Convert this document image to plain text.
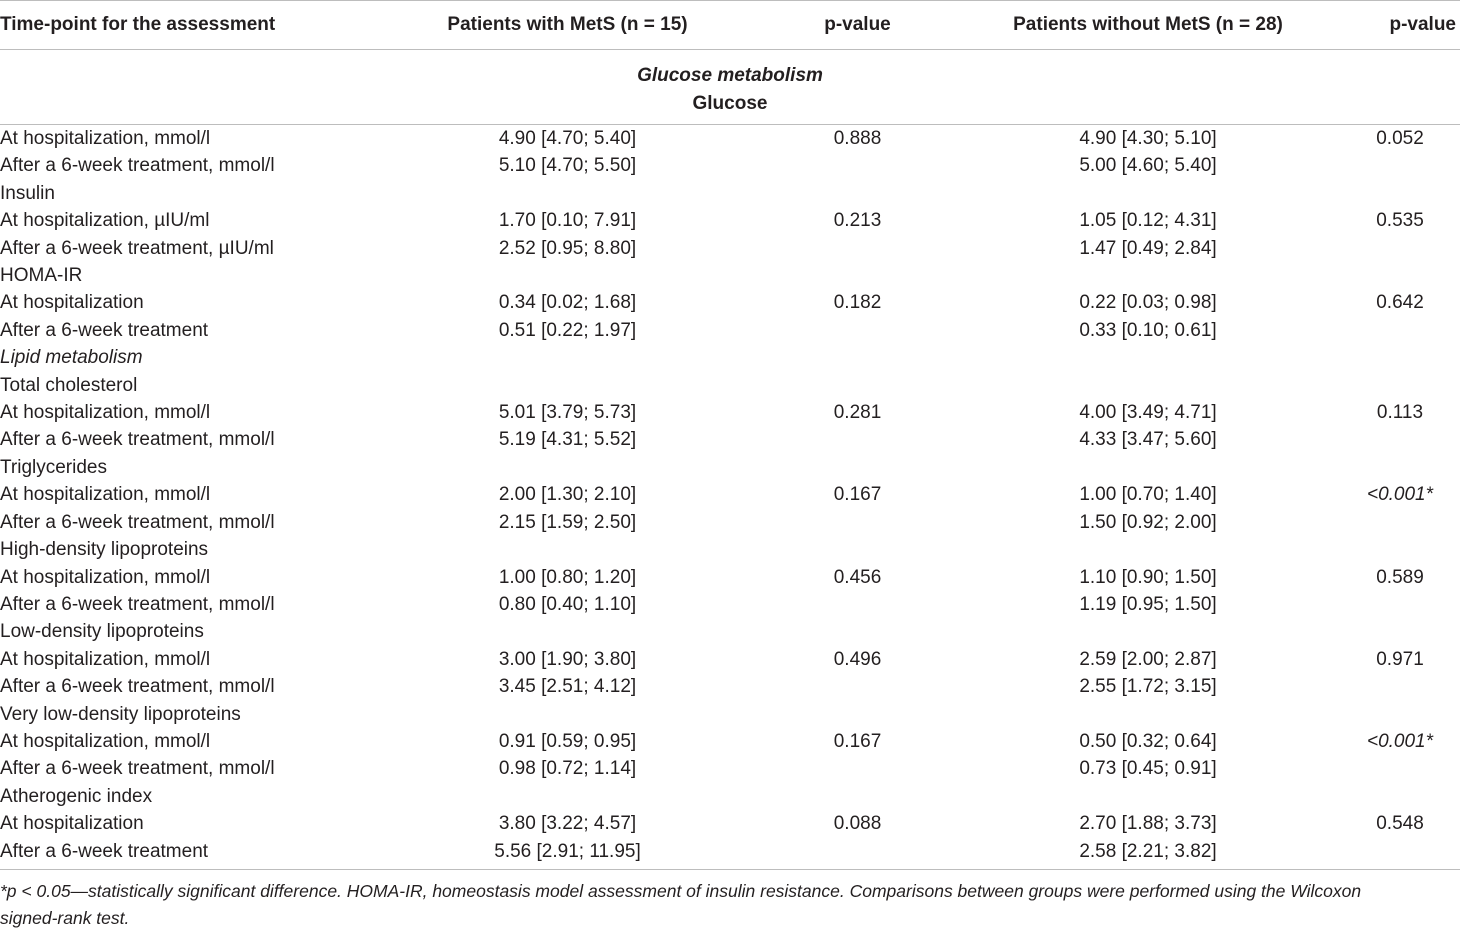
Time-point for the assessment	Patients with MetS (n = 15)	p-value	Patients without MetS (n = 28)	p-value

Glucose metabolism
Glucose				

At hospitalization, mmol/l	4.90 [4.70; 5.40]	0.888	4.90 [4.30; 5.10]	0.052
After a 6-week treatment, mmol/l	5.10 [4.70; 5.50]		5.00 [4.60; 5.40]	
Insulin				
At hospitalization, µIU/ml	1.70 [0.10; 7.91]	0.213	1.05 [0.12; 4.31]	0.535
After a 6-week treatment, µIU/ml	2.52 [0.95; 8.80]		1.47 [0.49; 2.84]	
HOMA-IR				
At hospitalization	0.34 [0.02; 1.68]	0.182	0.22 [0.03; 0.98]	0.642
After a 6-week treatment	0.51 [0.22; 1.97]		0.33 [0.10; 0.61]	
Lipid metabolism				
Total cholesterol				
At hospitalization, mmol/l	5.01 [3.79; 5.73]	0.281	4.00 [3.49; 4.71]	0.113
After a 6-week treatment, mmol/l	5.19 [4.31; 5.52]		4.33 [3.47; 5.60]	
Triglycerides				
At hospitalization, mmol/l	2.00 [1.30; 2.10]	0.167	1.00 [0.70; 1.40]	<0.001*
After a 6-week treatment, mmol/l	2.15 [1.59; 2.50]		1.50 [0.92; 2.00]	
High-density lipoproteins				
At hospitalization, mmol/l	1.00 [0.80; 1.20]	0.456	1.10 [0.90; 1.50]	0.589
After a 6-week treatment, mmol/l	0.80 [0.40; 1.10]		1.19 [0.95; 1.50]	
Low-density lipoproteins				
At hospitalization, mmol/l	3.00 [1.90; 3.80]	0.496	2.59 [2.00; 2.87]	0.971
After a 6-week treatment, mmol/l	3.45 [2.51; 4.12]		2.55 [1.72; 3.15]	
Very low-density lipoproteins				
At hospitalization, mmol/l	0.91 [0.59; 0.95]	0.167	0.50 [0.32; 0.64]	<0.001*
After a 6-week treatment, mmol/l	0.98 [0.72; 1.14]		0.73 [0.45; 0.91]	
Atherogenic index				
At hospitalization	3.80 [3.22; 4.57]	0.088	2.70 [1.88; 3.73]	0.548
After a 6-week treatment	5.56 [2.91; 11.95]		2.58 [2.21; 3.82]	
*p < 0.05—statistically significant difference. HOMA-IR, homeostasis model assessment of insulin resistance. Comparisons between groups were performed using the Wilcoxon signed-rank test.				
